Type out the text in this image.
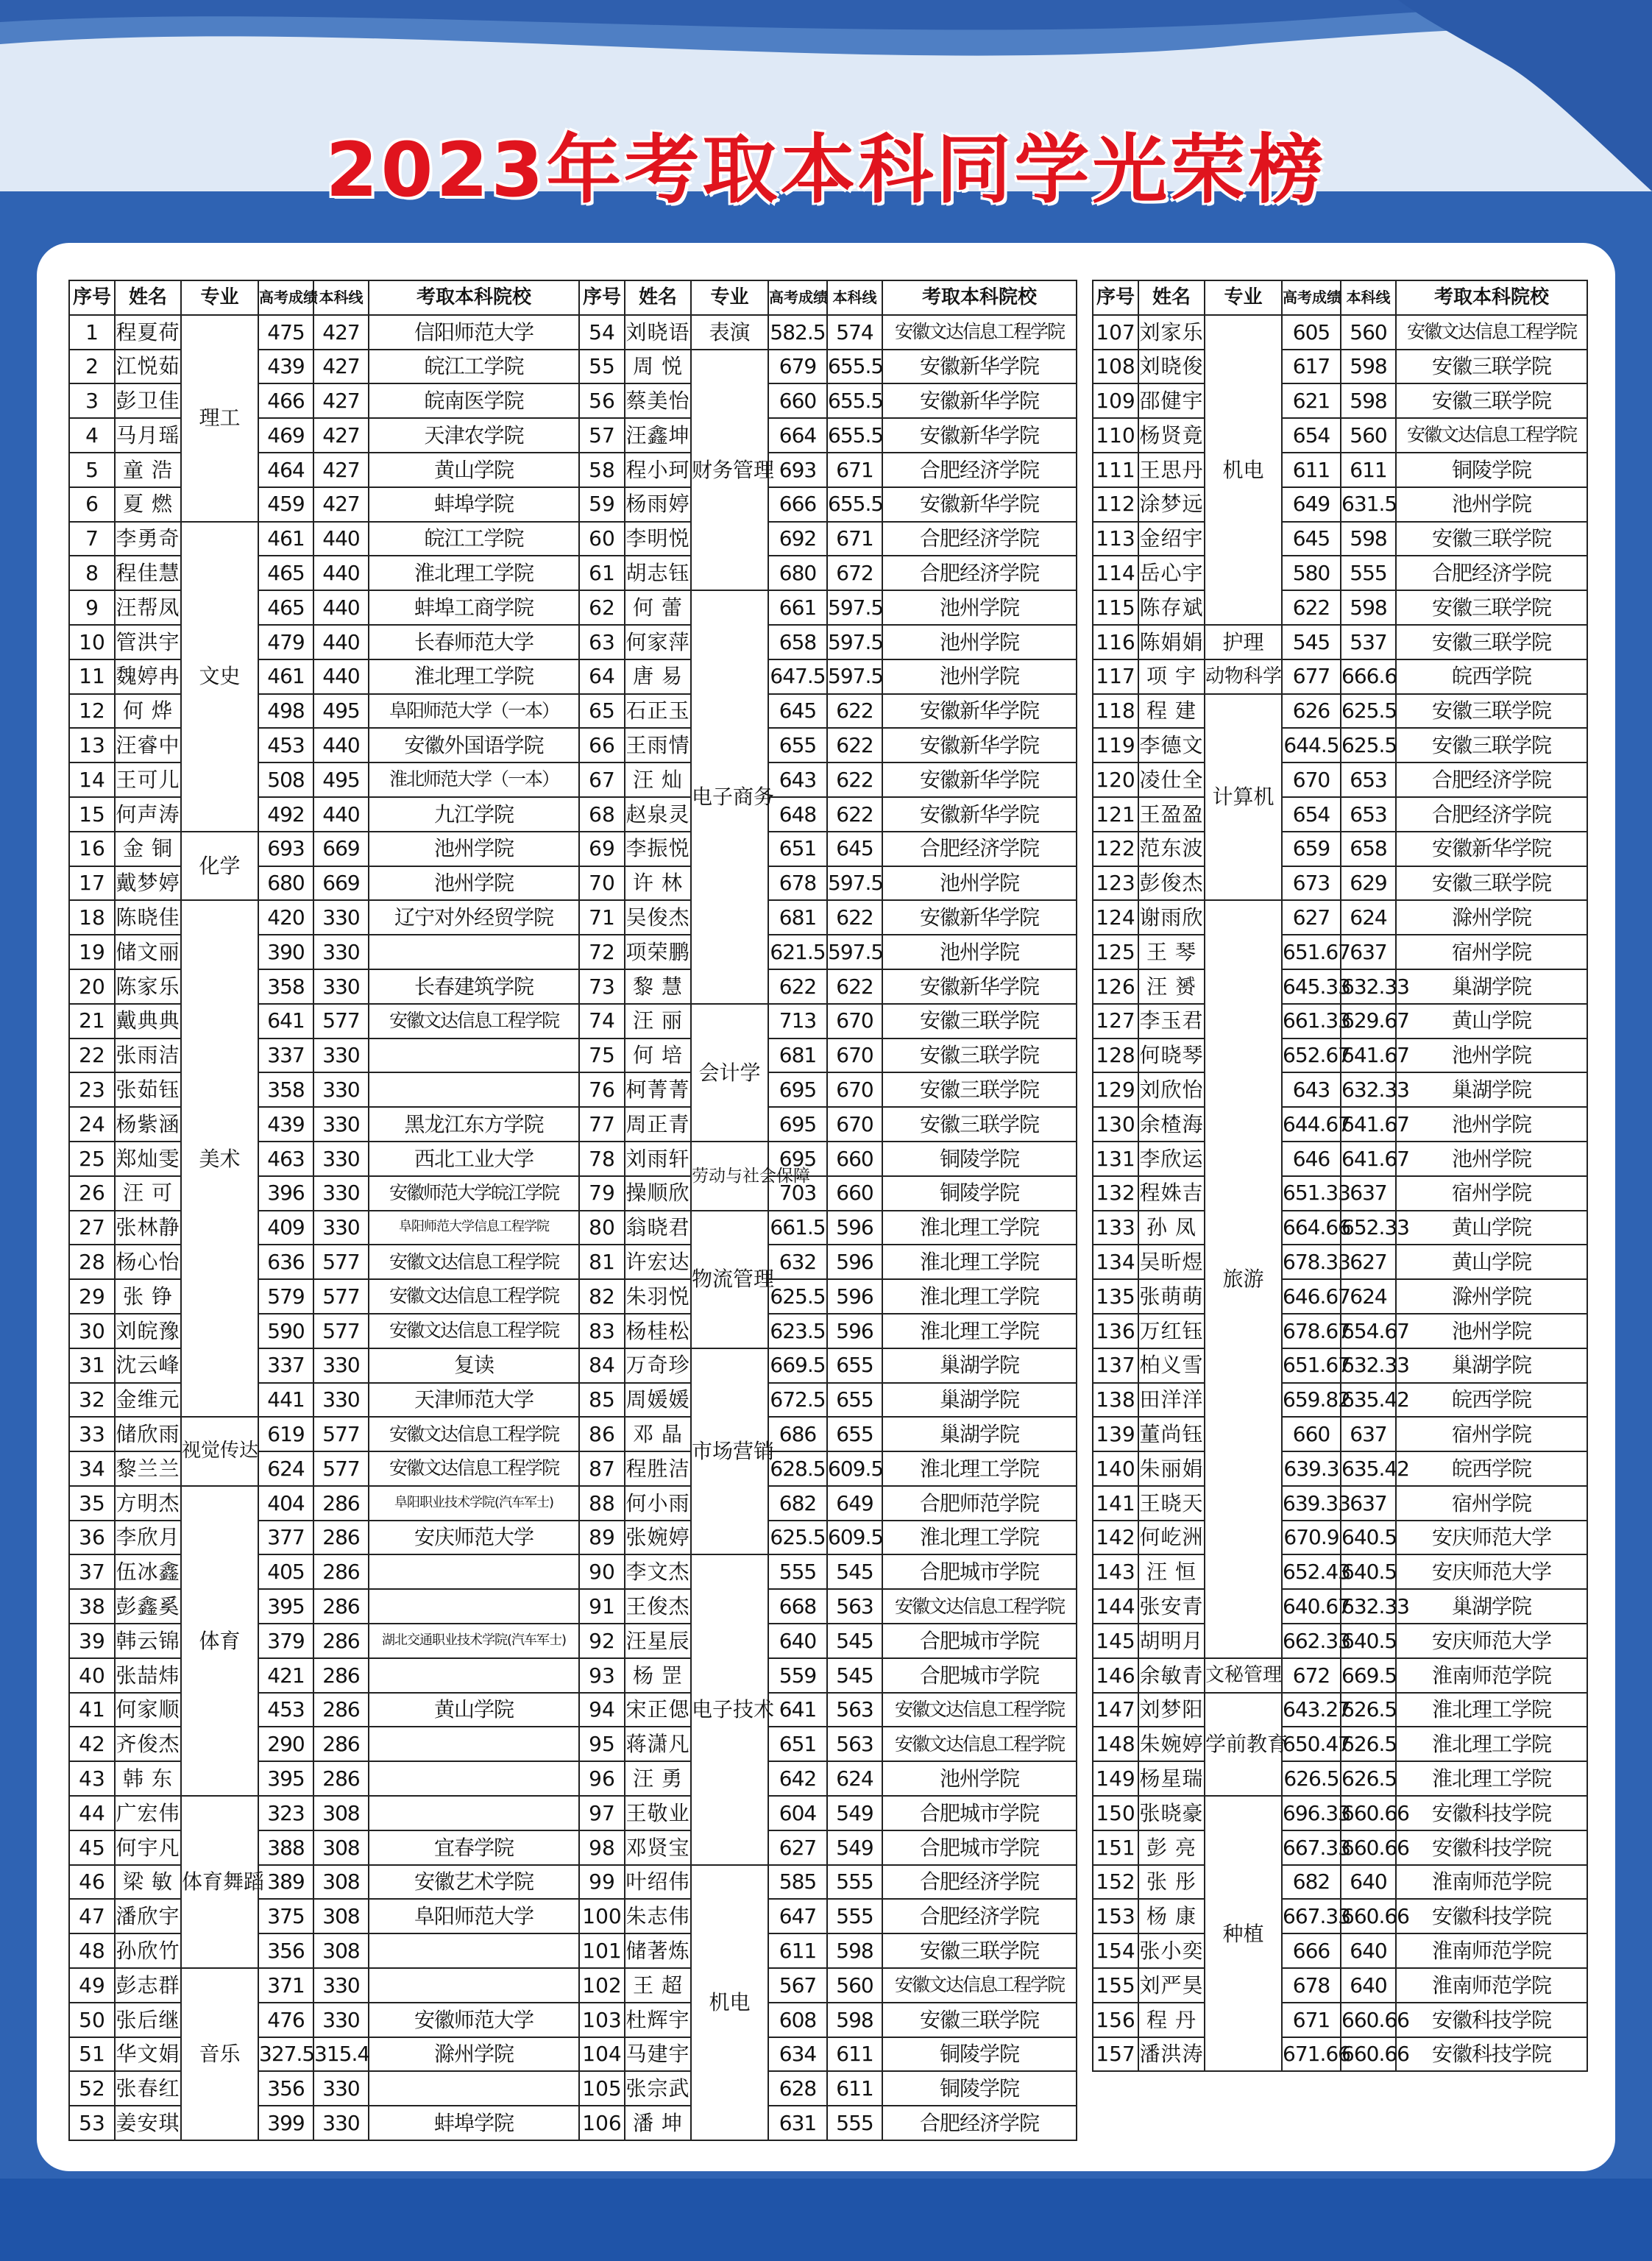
2023年考取本科同学光荣榜
序号	姓名	专业	高考成绩	本科线	考取本科院校
1	程夏荷	理工	475	427	信阳师范大学
2	江悦茹		439	427	皖江工学院
3	彭卫佳		466	427	皖南医学院
4	马月瑶		469	427	天津农学院
5	童 浩		464	427	黄山学院
6	夏 燃		459	427	蚌埠学院
7	李勇奇	文史	461	440	皖江工学院
8	程佳慧		465	440	淮北理工学院
9	汪帮凤		465	440	蚌埠工商学院
10	管洪宇		479	440	长春师范大学
11	魏婷冉		461	440	淮北理工学院
12	何 烨		498	495	阜阳师范大学（一本）
13	汪睿中		453	440	安徽外国语学院
14	王可儿		508	495	淮北师范大学（一本）
15	何声涛		492	440	九江学院
16	金 铜	化学	693	669	池州学院
17	戴梦婷		680	669	池州学院
18	陈晓佳	美术	420	330	辽宁对外经贸学院
19	储文丽		390	330	
20	陈家乐		358	330	长春建筑学院
21	戴典典		641	577	安徽文达信息工程学院
22	张雨洁		337	330	
23	张茹钰		358	330	
24	杨紫涵		439	330	黑龙江东方学院
25	郑灿雯		463	330	西北工业大学
26	汪 可		396	330	安徽师范大学皖江学院
27	张林静		409	330	阜阳师范大学信息工程学院
28	杨心怡		636	577	安徽文达信息工程学院
29	张 铮		579	577	安徽文达信息工程学院
30	刘皖豫		590	577	安徽文达信息工程学院
31	沈云峰		337	330	复读
32	金维元		441	330	天津师范大学
33	储欣雨	视觉传达	619	577	安徽文达信息工程学院
34	黎兰兰		624	577	安徽文达信息工程学院
35	方明杰	体育	404	286	阜阳职业技术学院(汽车军士)
36	李欣月		377	286	安庆师范大学
37	伍冰鑫		405	286	
38	彭鑫奚		395	286	
39	韩云锦		379	286	湖北交通职业技术学院(汽车军士)
40	张喆炜		421	286	
41	何家顺		453	286	黄山学院
42	齐俊杰		290	286	
43	韩 东		395	286	
44	广宏伟	体育舞蹈	323	308	
45	何宇凡		388	308	宜春学院
46	梁 敏		389	308	安徽艺术学院
47	潘欣宇		375	308	阜阳师范大学
48	孙欣竹		356	308	
49	彭志群	音乐	371	330	
50	张后继		476	330	安徽师范大学
51	华文娟		327.5	315.4	滁州学院
52	张春红		356	330	
53	姜安琪		399	330	蚌埠学院
序号	姓名	专业	高考成绩	本科线	考取本科院校
54	刘晓语	表演	582.5	574	安徽文达信息工程学院
55	周 悦	财务管理	679	655.5	安徽新华学院
56	蔡美怡		660	655.5	安徽新华学院
57	汪鑫坤		664	655.5	安徽新华学院
58	程小珂		693	671	合肥经济学院
59	杨雨婷		666	655.5	安徽新华学院
60	李明悦		692	671	合肥经济学院
61	胡志钰		680	672	合肥经济学院
62	何 蕾	电子商务	661	597.5	池州学院
63	何家萍		658	597.5	池州学院
64	唐 易		647.5	597.5	池州学院
65	石正玉		645	622	安徽新华学院
66	王雨情		655	622	安徽新华学院
67	汪 灿		643	622	安徽新华学院
68	赵泉灵		648	622	安徽新华学院
69	李振悦		651	645	合肥经济学院
70	许 林		678	597.5	池州学院
71	吴俊杰		681	622	安徽新华学院
72	项荣鹏		621.5	597.5	池州学院
73	黎 慧		622	622	安徽新华学院
74	汪 丽	会计学	713	670	安徽三联学院
75	何 培		681	670	安徽三联学院
76	柯菁菁		695	670	安徽三联学院
77	周正青		695	670	安徽三联学院
78	刘雨轩	劳动与社会保障	695	660	铜陵学院
79	操顺欣		703	660	铜陵学院
80	翁晓君	物流管理	661.5	596	淮北理工学院
81	许宏达		632	596	淮北理工学院
82	朱羽悦		625.5	596	淮北理工学院
83	杨桂松		623.5	596	淮北理工学院
84	万奇珍	市场营销	669.5	655	巢湖学院
85	周媛媛		672.5	655	巢湖学院
86	邓 晶		686	655	巢湖学院
87	程胜洁		628.5	609.5	淮北理工学院
88	何小雨		682	649	合肥师范学院
89	张婉婷		625.5	609.5	淮北理工学院
90	李文杰	电子技术	555	545	合肥城市学院
91	王俊杰		668	563	安徽文达信息工程学院
92	汪星辰		640	545	合肥城市学院
93	杨 罡		559	545	合肥城市学院
94	宋正偲		641	563	安徽文达信息工程学院
95	蒋潇凡		651	563	安徽文达信息工程学院
96	汪 勇		642	624	池州学院
97	王敬业		604	549	合肥城市学院
98	邓贤宝		627	549	合肥城市学院
99	叶绍伟	机电	585	555	合肥经济学院
100	朱志伟		647	555	合肥经济学院
101	储著炼		611	598	安徽三联学院
102	王 超		567	560	安徽文达信息工程学院
103	杜辉宇		608	598	安徽三联学院
104	马建宇		634	611	铜陵学院
105	张宗武		628	611	铜陵学院
106	潘 坤		631	555	合肥经济学院
序号	姓名	专业	高考成绩	本科线	考取本科院校
107	刘家乐	机电	605	560	安徽文达信息工程学院
108	刘晓俊		617	598	安徽三联学院
109	邵健宇		621	598	安徽三联学院
110	杨贤竟		654	560	安徽文达信息工程学院
111	王思丹		611	611	铜陵学院
112	涂梦远		649	631.5	池州学院
113	金绍宇		645	598	安徽三联学院
114	岳心宇		580	555	合肥经济学院
115	陈存斌		622	598	安徽三联学院
116	陈娟娟	护理	545	537	安徽三联学院
117	项 宇	动物科学	677	666.6	皖西学院
118	程 建	计算机	626	625.5	安徽三联学院
119	李德文		644.5	625.5	安徽三联学院
120	凌仕全		670	653	合肥经济学院
121	王盈盈		654	653	合肥经济学院
122	范东波		659	658	安徽新华学院
123	彭俊杰		673	629	安徽三联学院
124	谢雨欣	旅游	627	624	滁州学院
125	王 琴		651.67	637	宿州学院
126	汪 赟		645.33	632.33	巢湖学院
127	李玉君		661.33	629.67	黄山学院
128	何晓琴		652.67	641.67	池州学院
129	刘欣怡		643	632.33	巢湖学院
130	余楂海		644.67	641.67	池州学院
131	李欣运		646	641.67	池州学院
132	程姝吉		651.33	637	宿州学院
133	孙 凤		664.66	652.33	黄山学院
134	吴昕煜		678.33	627	黄山学院
135	张萌萌		646.67	624	滁州学院
136	万红钰		678.67	654.67	池州学院
137	柏义雪		651.67	632.33	巢湖学院
138	田洋洋		659.82	635.42	皖西学院
139	董尚钰		660	637	宿州学院
140	朱丽娟		639.3	635.42	皖西学院
141	王晓天		639.33	637	宿州学院
142	何屹洲		670.9	640.5	安庆师范大学
143	汪 恒		652.43	640.5	安庆师范大学
144	张安青		640.67	632.33	巢湖学院
145	胡明月		662.33	640.5	安庆师范大学
146	余敏青	文秘管理	672	669.5	淮南师范学院
147	刘梦阳	学前教育	643.27	626.5	淮北理工学院
148	朱婉婷		650.47	626.5	淮北理工学院
149	杨星瑞		626.5	626.5	淮北理工学院
150	张晓豪	种植	696.33	660.66	安徽科技学院
151	彭 亮		667.33	660.66	安徽科技学院
152	张 彤		682	640	淮南师范学院
153	杨 康		667.33	660.66	安徽科技学院
154	张小奕		666	640	淮南师范学院
155	刘严昊		678	640	淮南师范学院
156	程 丹		671	660.66	安徽科技学院
157	潘洪涛		671.66	660.66	安徽科技学院
